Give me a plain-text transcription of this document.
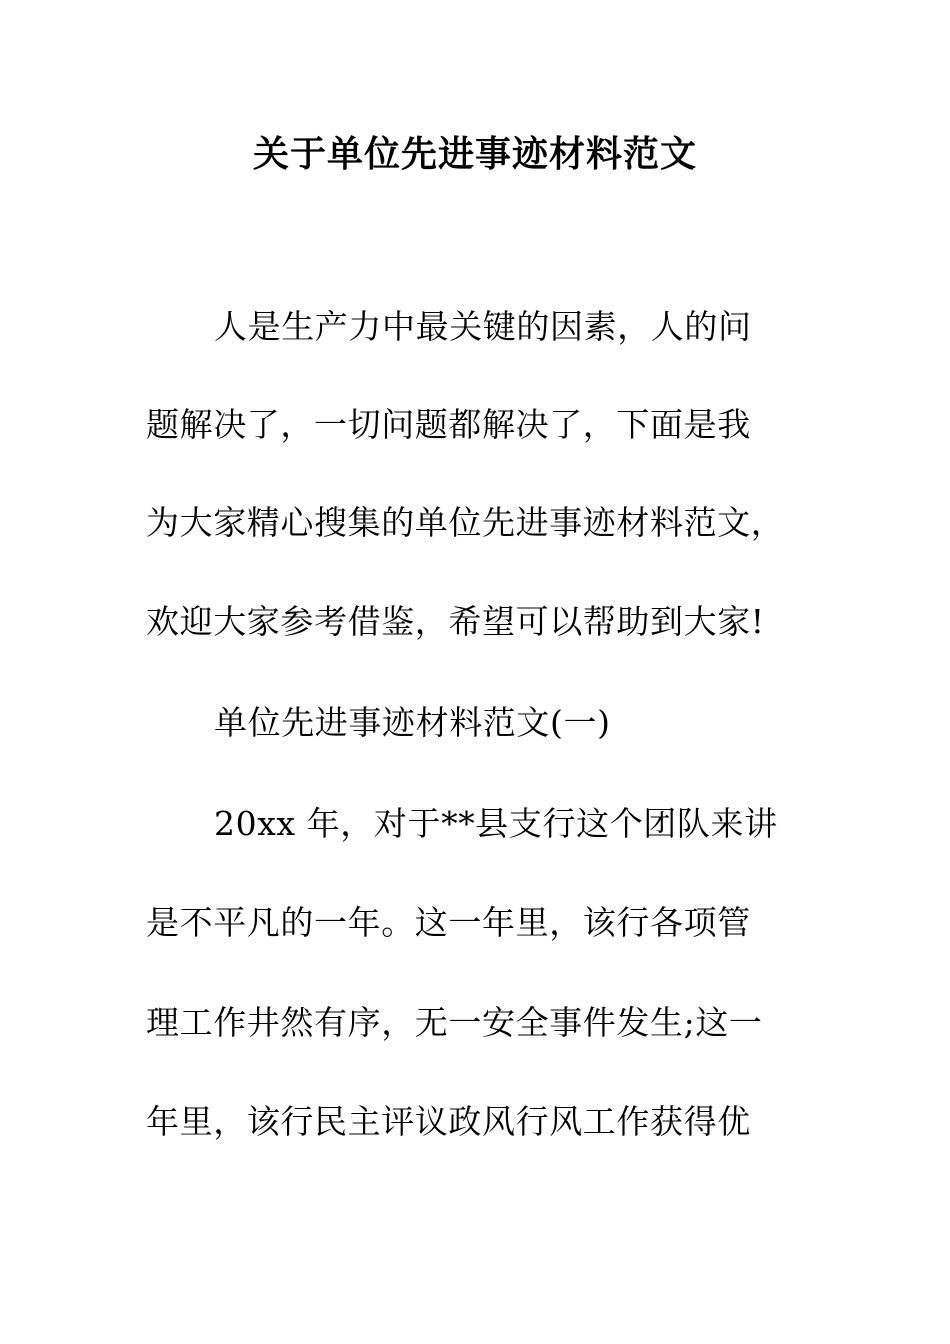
关于单位先进事迹材料范文
人是生产力中最关键的因素，人的问
题解决了，一切问题都解决了，下面是我
为大家精心搜集的单位先进事迹材料范文，
欢迎大家参考借鉴，希望可以帮助到大家!
单位先进事迹材料范文(一)
20xx 年，对于**县支行这个团队来讲
是不平凡的一年。这一年里，该行各项管
理工作井然有序，无一安全事件发生;这一
年里，该行民主评议政风行风工作获得优
